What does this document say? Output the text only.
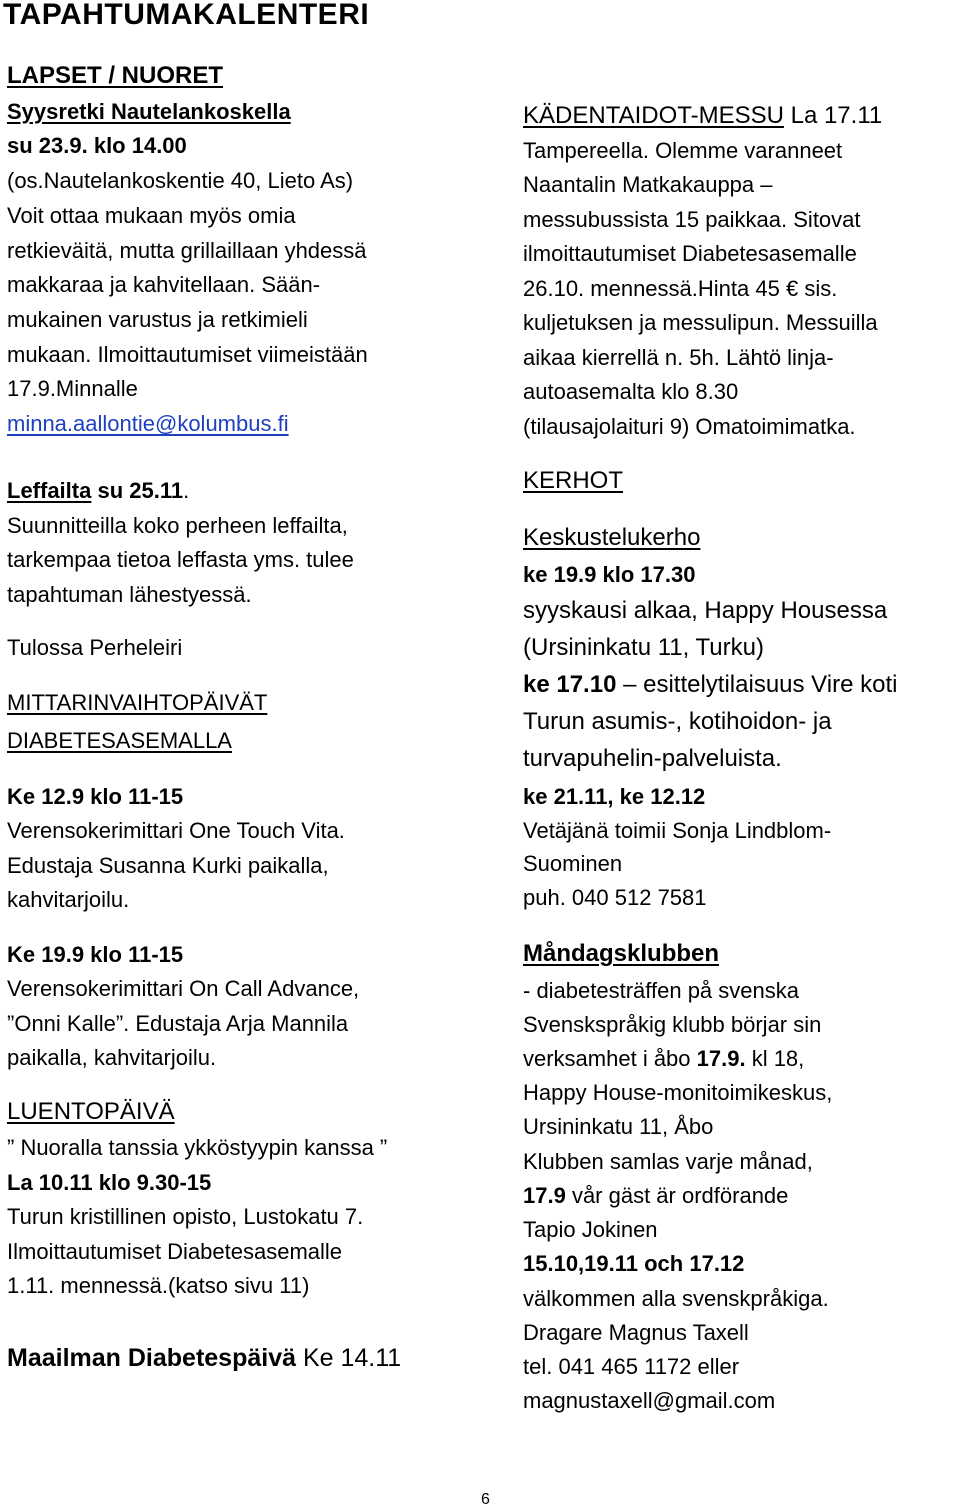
TAPAHTUMAKALENTERI
LAPSET / NUORET
Syysretki Nautelankoskella
su 23.9. klo 14.00
(os.Nautelankoskentie 40, Lieto As)
Voit ottaa mukaan myös omia
retkieväitä, mutta grillaillaan yhdessä
makkaraa ja kahvitellaan. Sään-
mukainen varustus ja retkimieli
mukaan. Ilmoittautumiset viimeistään
17.9.Minnalle
minna.aallontie@kolumbus.fi
Leffailta su 25.11.
Suunnitteilla koko perheen leffailta,
tarkempaa tietoa leffasta yms. tulee
tapahtuman lähestyessä.
Tulossa Perheleiri
MITTARINVAIHTOPÄIVÄT
DIABETESASEMALLA
Ke 12.9 klo 11-15
Verensokerimittari One Touch Vita.
Edustaja Susanna Kurki paikalla,
kahvitarjoilu.
Ke 19.9 klo 11-15
Verensokerimittari On Call Advance,
”Onni Kalle”. Edustaja Arja Mannila
paikalla, kahvitarjoilu.
LUENTOPÄIVÄ
” Nuoralla tanssia ykköstyypin kanssa ”
La 10.11 klo 9.30-15
Turun kristillinen opisto, Lustokatu 7.
Ilmoittautumiset Diabetesasemalle
1.11. mennessä.(katso sivu 11)
Maailman Diabetespäivä Ke 14.11
KÄDENTAIDOT-MESSU La 17.11
Tampereella. Olemme varanneet
Naantalin Matkakauppa –
messubussista 15 paikkaa. Sitovat
ilmoittautumiset Diabetesasemalle
26.10. mennessä.Hinta 45 € sis.
kuljetuksen ja messulipun. Messuilla
aikaa kierrellä n. 5h. Lähtö linja-
autoasemalta klo 8.30
(tilausajolaituri 9) Omatoimimatka.
KERHOT
Keskustelukerho
ke 19.9 klo 17.30
syyskausi alkaa, Happy Housessa
(Ursininkatu 11, Turku)
ke 17.10 – esittelytilaisuus Vire koti
Turun asumis-, kotihoidon- ja
turvapuhelin-palveluista.
ke 21.11, ke 12.12
Vetäjänä toimii Sonja Lindblom-
Suominen
puh. 040 512 7581
Måndagsklubben
- diabetesträffen på svenska
Svenskspråkig klubb börjar sin
verksamhet i åbo 17.9. kl 18,
Happy House-monitoimikeskus,
Ursininkatu 11, Åbo
Klubben samlas varje månad,
17.9 vår gäst är ordförande
Tapio Jokinen
15.10,19.11 och 17.12
välkommen alla svenskpråkiga.
Dragare Magnus Taxell
tel. 041 465 1172 eller
magnustaxell@gmail.com
6
